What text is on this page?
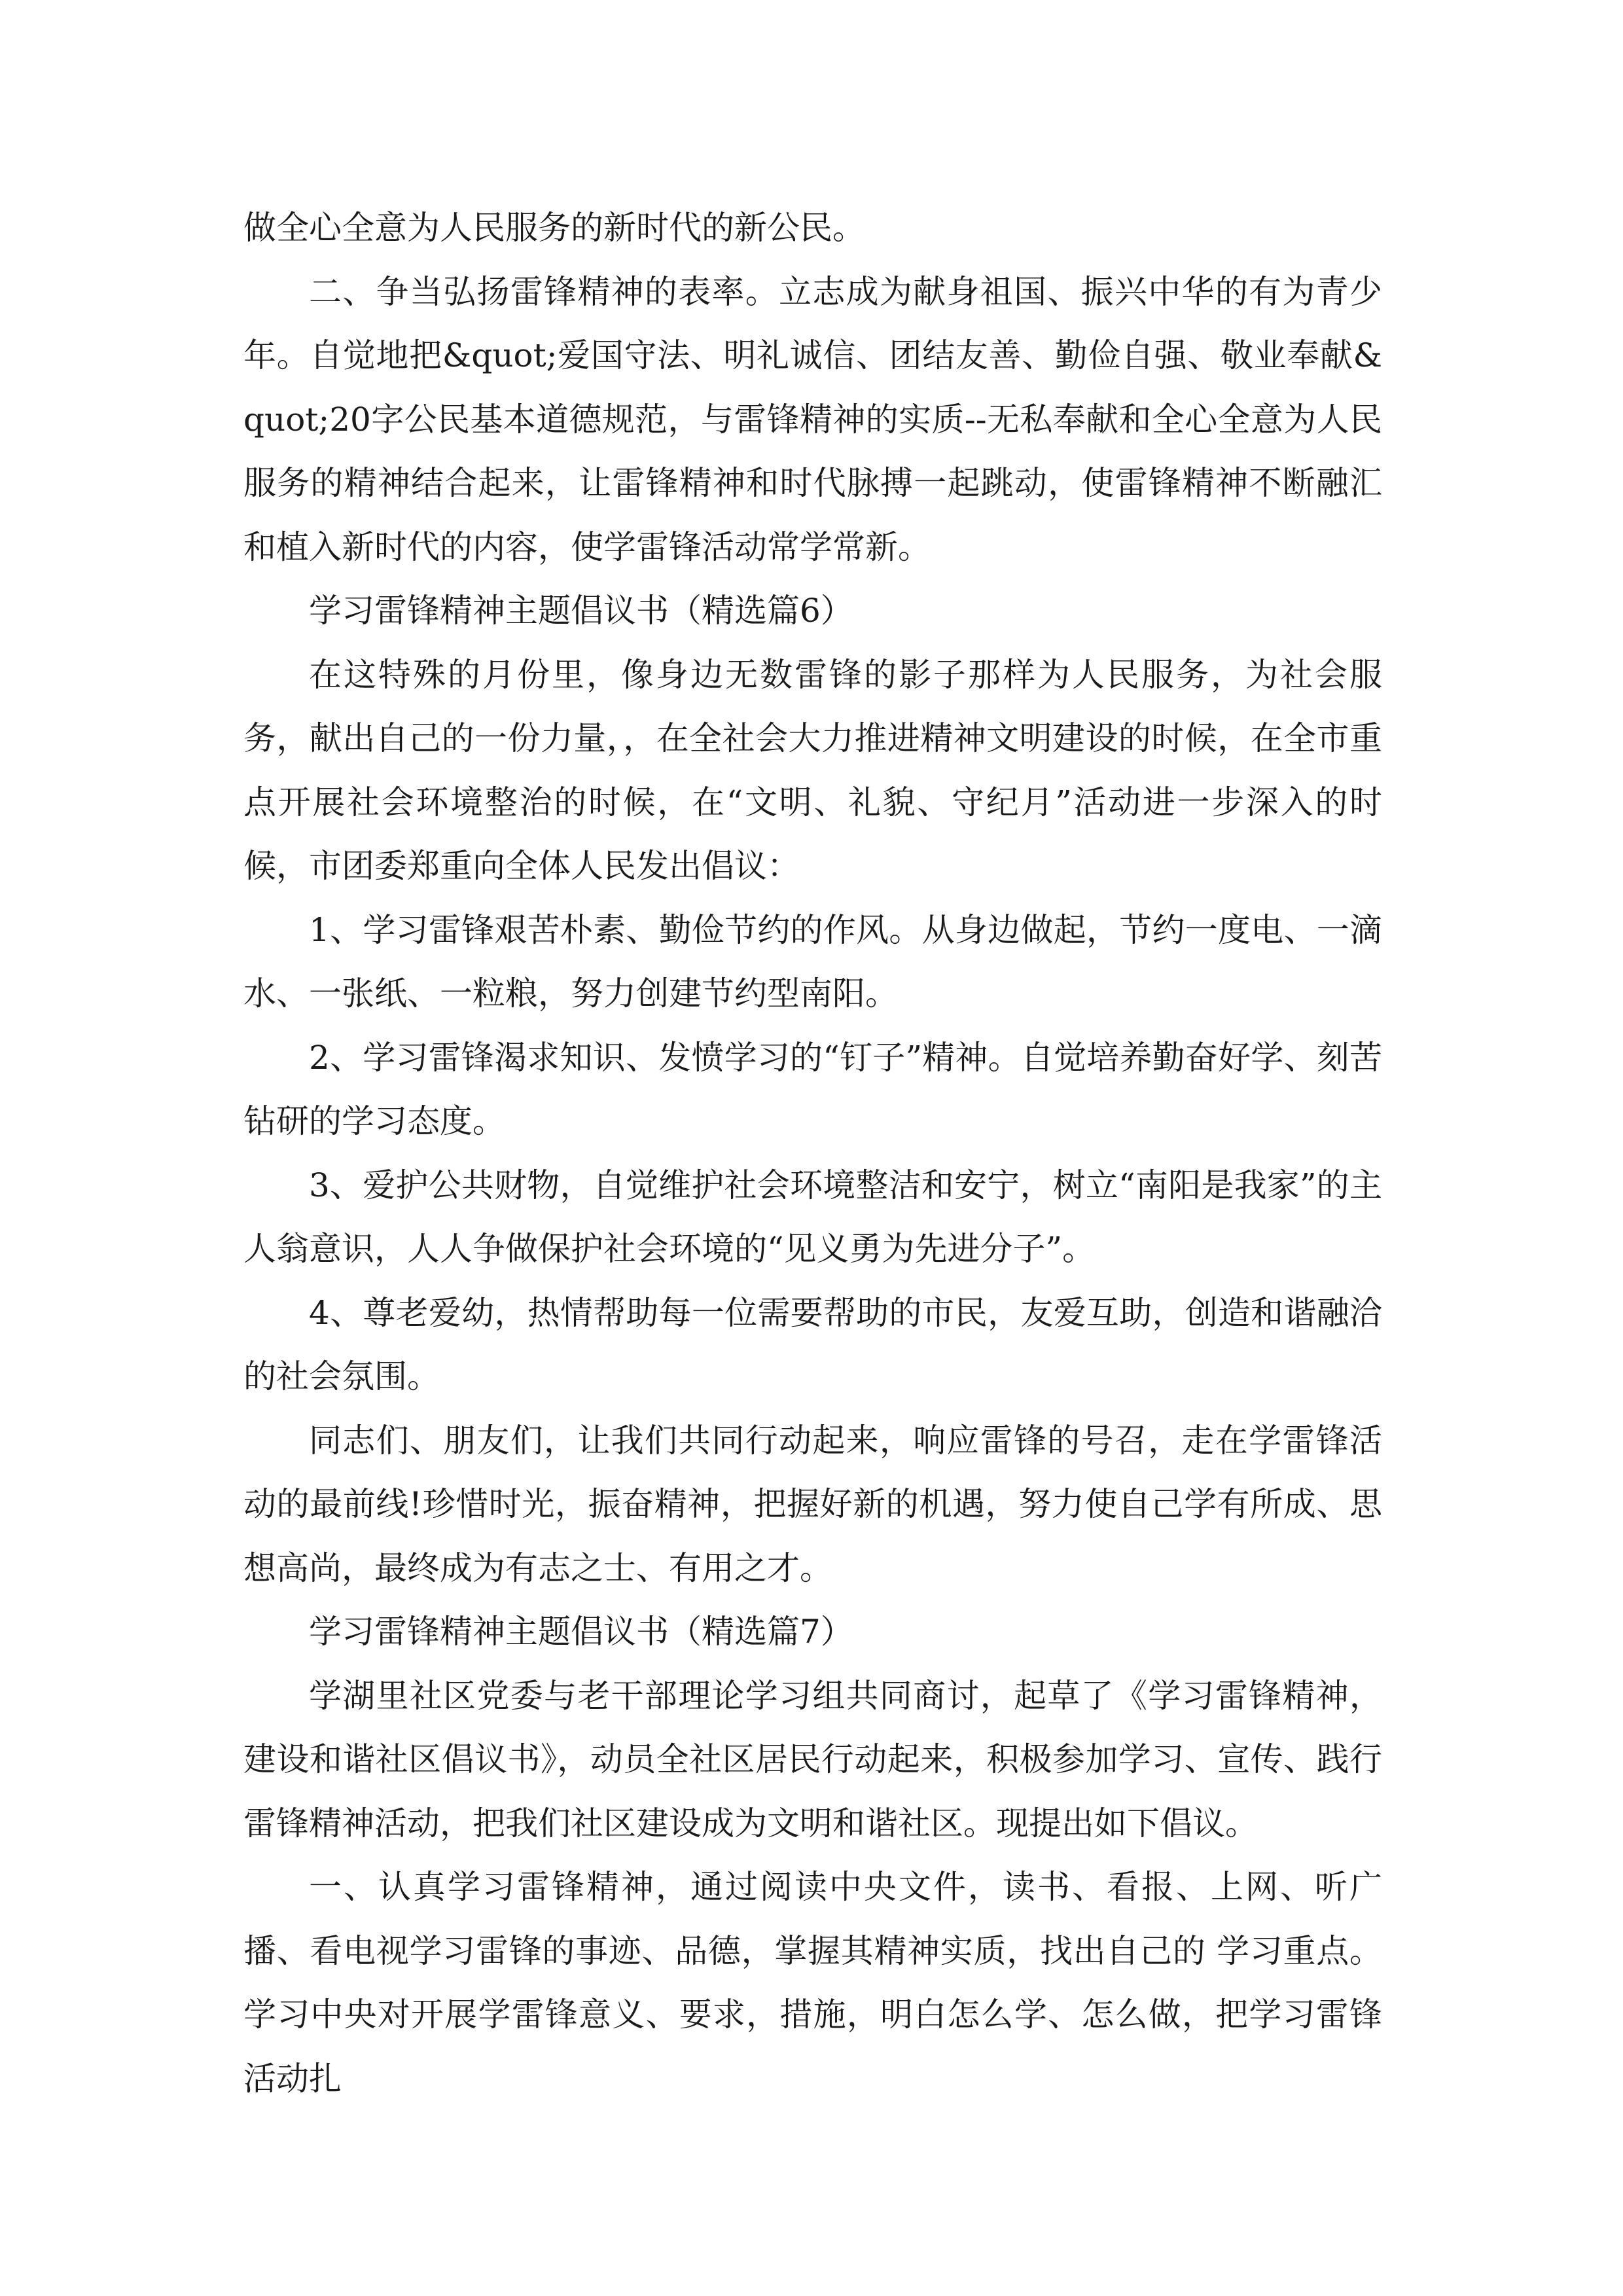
做全心全意为人民服务的新时代的新公民。

二、争当弘扬雷锋精神的表率。立志成为献身祖国、振兴中华的有为青少年。自觉地把&quot;爱国守法、明礼诚信、团结友善、勤俭自强、敬业奉献&quot;20字公民基本道德规范，与雷锋精神的实质--无私奉献和全心全意为人民服务的精神结合起来，让雷锋精神和时代脉搏一起跳动，使雷锋精神不断融汇和植入新时代的内容，使学雷锋活动常学常新。

学习雷锋精神主题倡议书（精选篇6）

在这特殊的月份里，像身边无数雷锋的影子那样为人民服务，为社会服务，献出自己的一份力量，，在全社会大力推进精神文明建设的时候，在全市重点开展社会环境整治的时候，在“文明、礼貌、守纪月”活动进一步深入的时候，市团委郑重向全体人民发出倡议：

1、学习雷锋艰苦朴素、勤俭节约的作风。从身边做起，节约一度电、一滴水、一张纸、一粒粮，努力创建节约型南阳。

2、学习雷锋渴求知识、发愤学习的“钉子”精神。自觉培养勤奋好学、刻苦钻研的学习态度。

3、爱护公共财物，自觉维护社会环境整洁和安宁，树立“南阳是我家”的主人翁意识，人人争做保护社会环境的“见义勇为先进分子”。

4、尊老爱幼，热情帮助每一位需要帮助的市民，友爱互助，创造和谐融洽的社会氛围。

同志们、朋友们，让我们共同行动起来，响应雷锋的号召，走在学雷锋活动的最前线!珍惜时光，振奋精神，把握好新的机遇，努力使自己学有所成、思想高尚，最终成为有志之士、有用之才。

学习雷锋精神主题倡议书（精选篇7）

学湖里社区党委与老干部理论学习组共同商讨，起草了《学习雷锋精神，建设和谐社区倡议书》，动员全社区居民行动起来，积极参加学习、宣传、践行雷锋精神活动，把我们社区建设成为文明和谐社区。现提出如下倡议。

一、认真学习雷锋精神，通过阅读中央文件，读书、看报、上网、听广播、看电视学习雷锋的事迹、品德，掌握其精神实质，找出自己的 学习重点。学习中央对开展学雷锋意义、要求，措施，明白怎么学、怎么做，把学习雷锋活动扎
